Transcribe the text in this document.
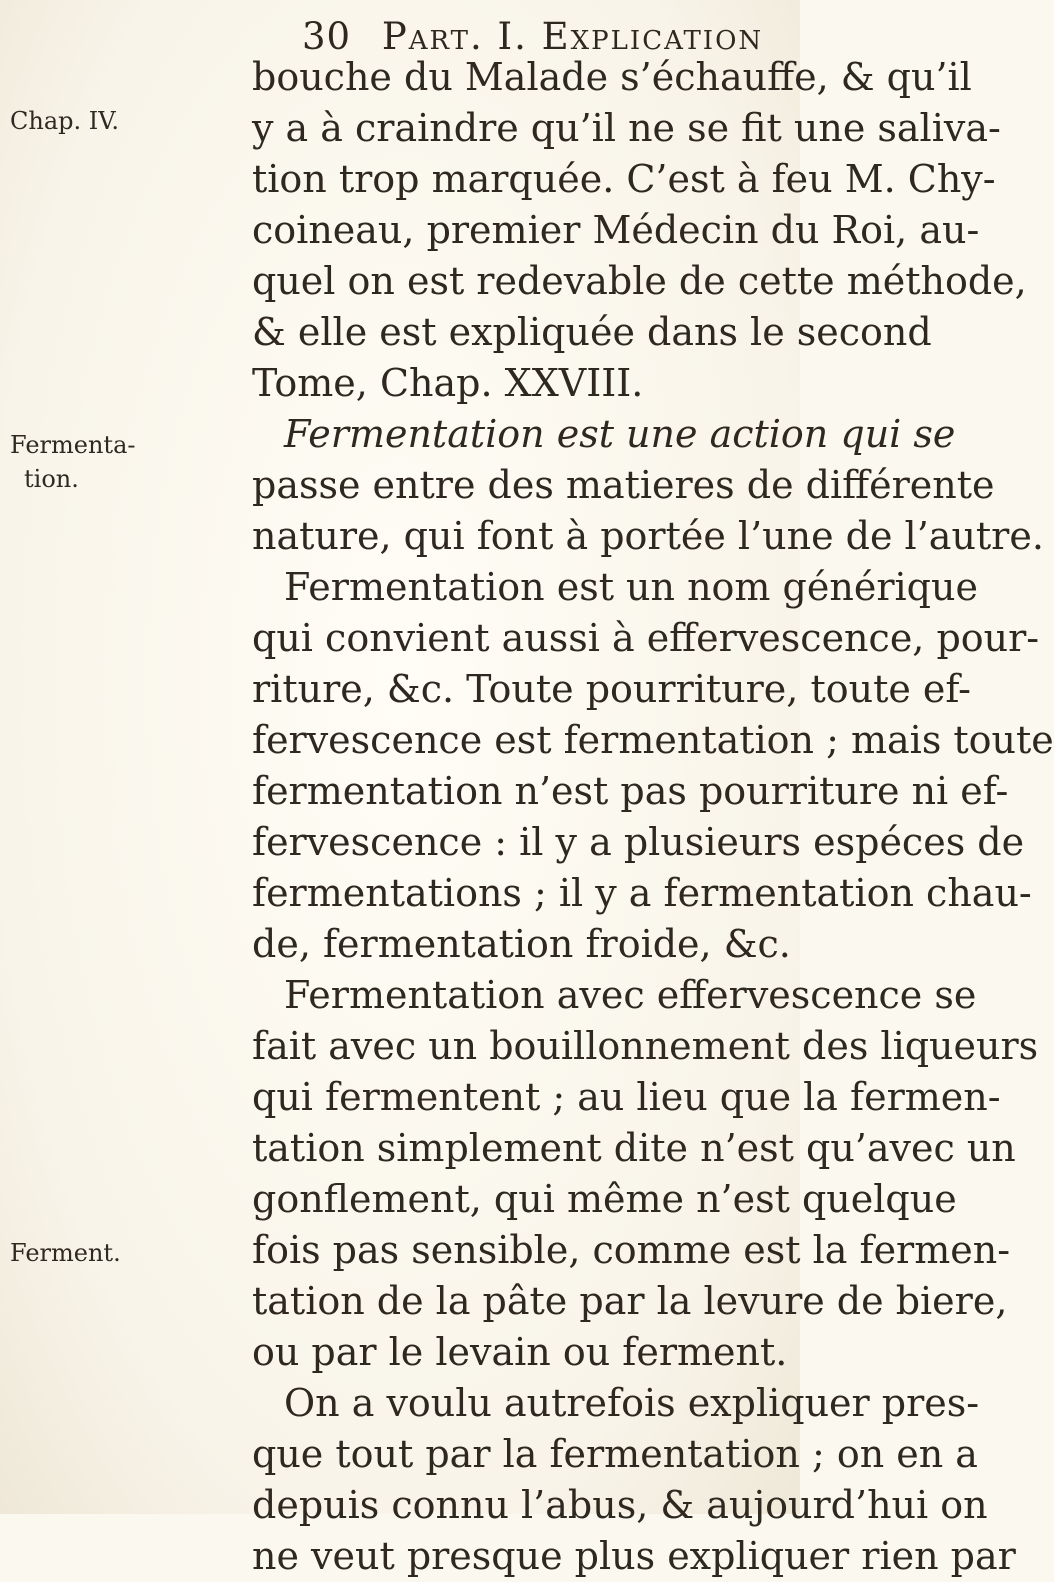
30 Part. I. Explication
Chap. IV.
Fermenta-
tion.
Ferment.
bouche du Malade s’échauffe, & qu’il
y a à craindre qu’il ne se fit une saliva-
tion trop marquée. C’est à feu M. Chy-
coineau, premier Médecin du Roi, au-
quel on est redevable de cette méthode,
& elle est expliquée dans le second
Tome, Chap. XXVIII.
Fermentation est une action qui se
passe entre des matieres de différente
nature, qui font à portée l’une de l’autre.
Fermentation est un nom générique
qui convient aussi à effervescence, pour-
riture, &c. Toute pourriture, toute ef-
fervescence est fermentation ; mais toute
fermentation n’est pas pourriture ni ef-
fervescence : il y a plusieurs espéces de
fermentations ; il y a fermentation chau-
de, fermentation froide, &c.
Fermentation avec effervescence se
fait avec un bouillonnement des liqueurs
qui fermentent ; au lieu que la fermen-
tation simplement dite n’est qu’avec un
gonflement, qui même n’est quelque
fois pas sensible, comme est la fermen-
tation de la pâte par la levure de biere,
ou par le levain ou ferment.
On a voulu autrefois expliquer pres-
que tout par la fermentation ; on en a
depuis connu l’abus, & aujourd’hui on
ne veut presque plus expliquer rien par
